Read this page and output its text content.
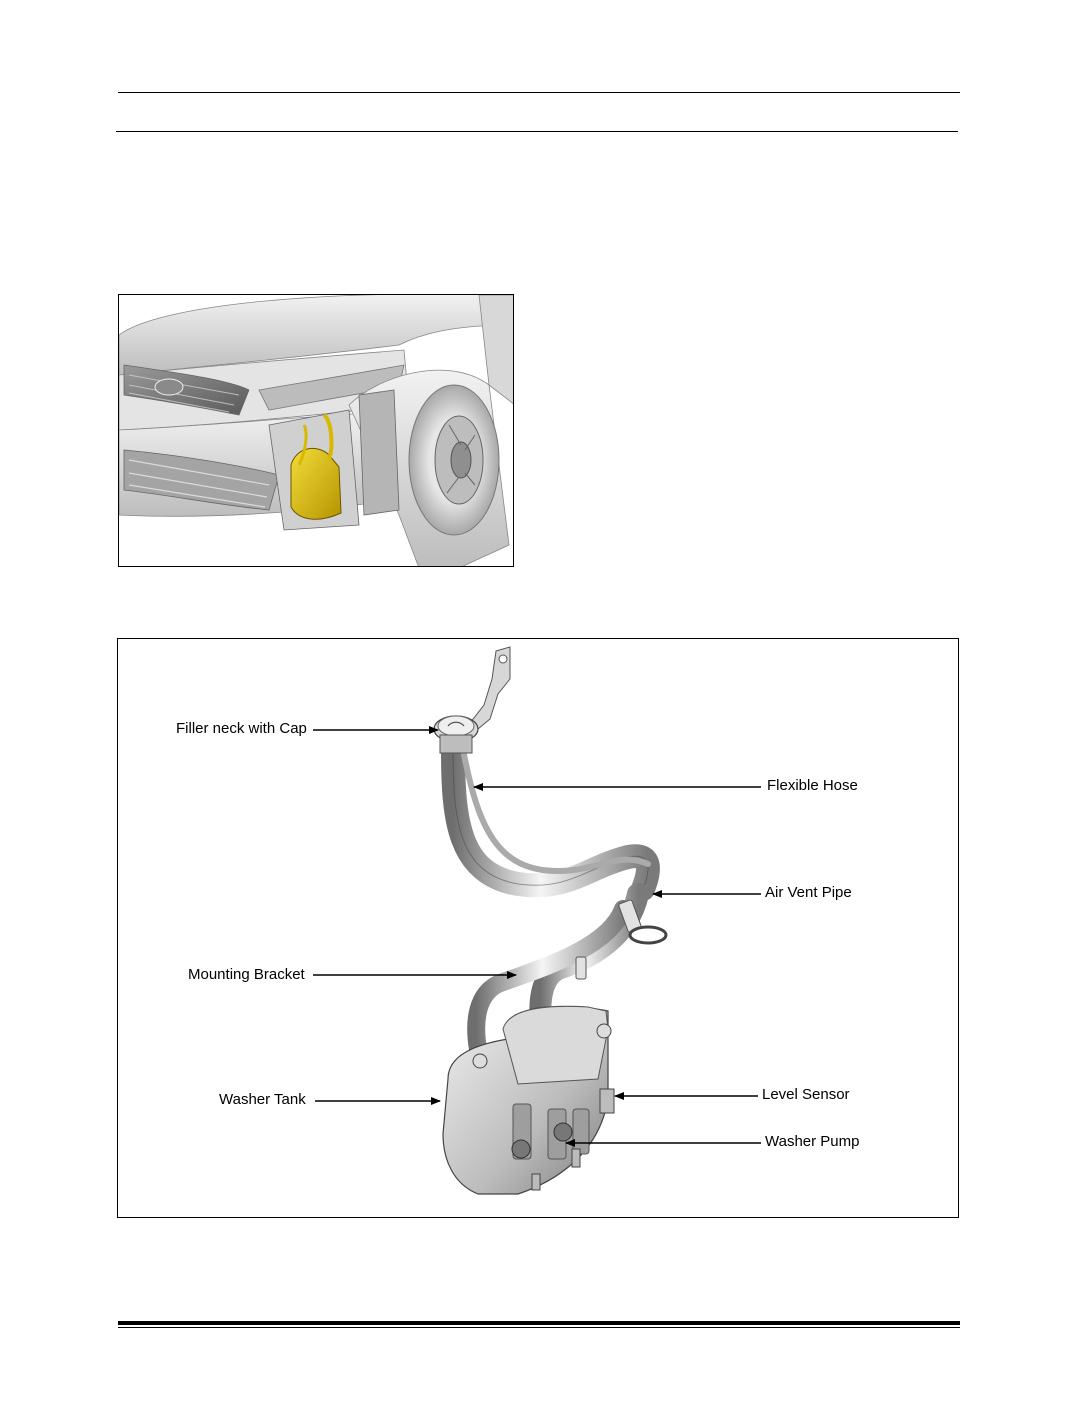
Filler neck with Cap
Flexible Hose
Air Vent Pipe
Mounting Bracket
Washer Tank	Level Sensor
Washer Pump
